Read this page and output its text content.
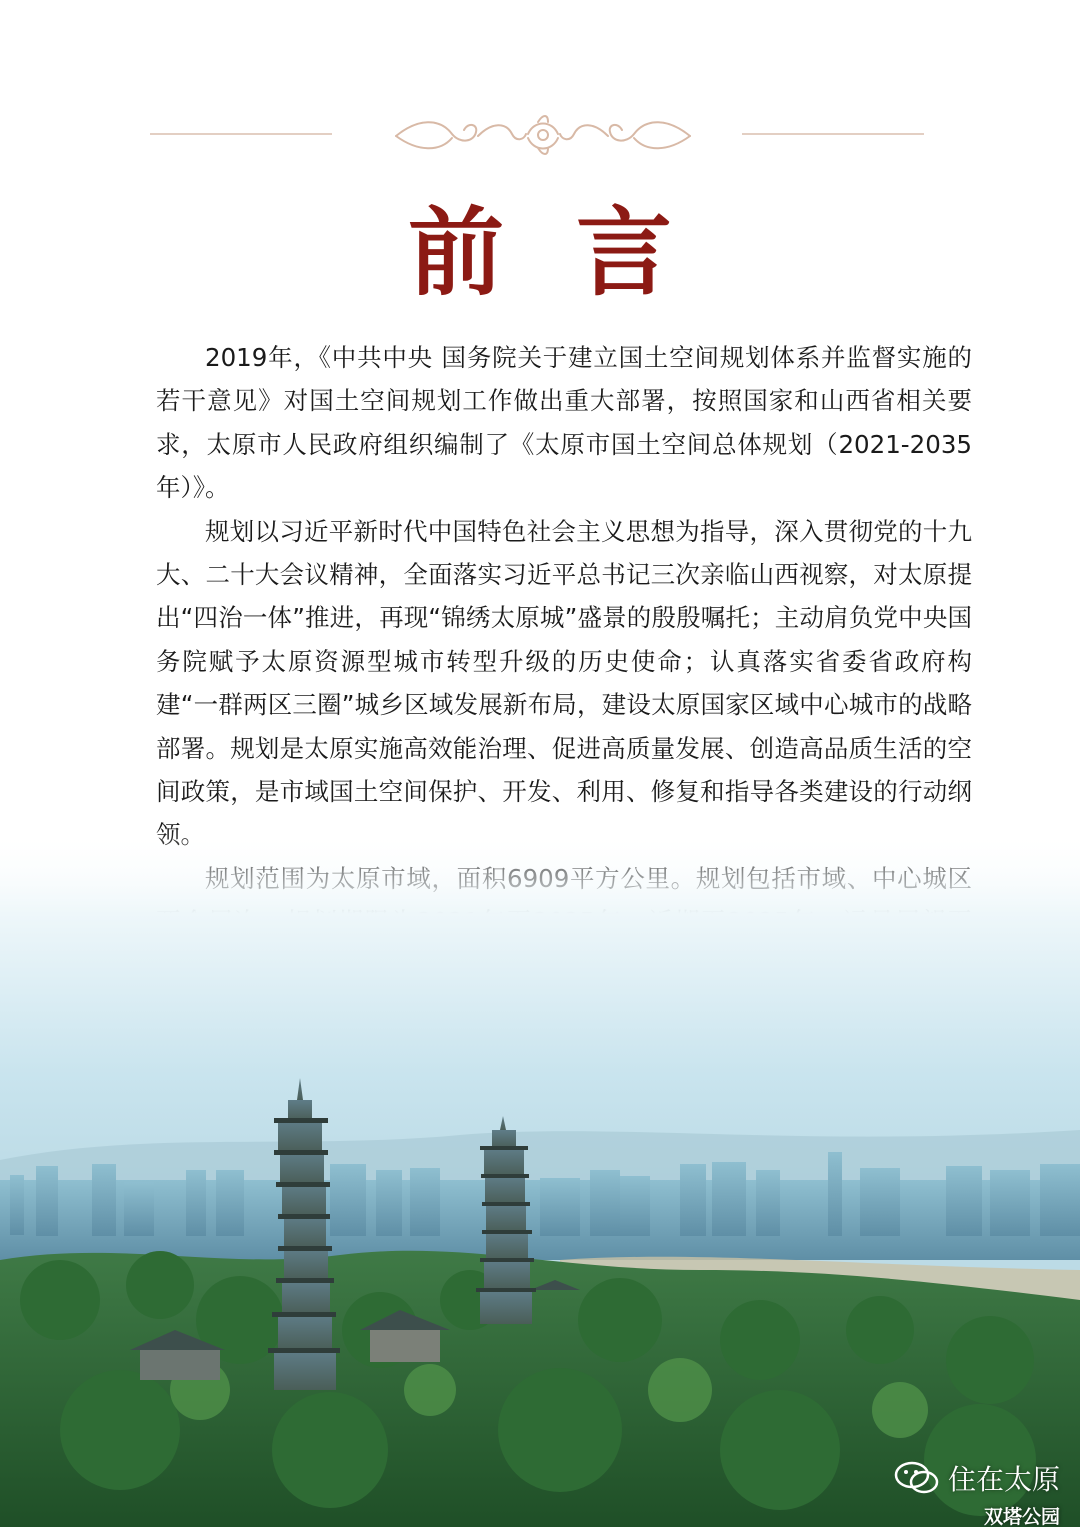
前言

2019年，《中共中央 国务院关于建立国土空间规划体系并监督实施的若干意见》对国土空间规划工作做出重大部署，按照国家和山西省相关要求，太原市人民政府组织编制了《太原市国土空间总体规划（2021-2035年）》。

规划以习近平新时代中国特色社会主义思想为指导，深入贯彻党的十九大、二十大会议精神，全面落实习近平总书记三次亲临山西视察，对太原提出“四治一体”推进，再现“锦绣太原城”盛景的殷殷嘱托；主动肩负党中央国务院赋予太原资源型城市转型升级的历史使命；认真落实省委省政府构建“一群两区三圈”城乡区域发展新布局，建设太原国家区域中心城市的战略部署。规划是太原实施高效能治理、促进高质量发展、创造高品质生活的空间政策，是市域国土空间保护、开发、利用、修复和指导各类建设的行动纲

住在太原
双塔公园
